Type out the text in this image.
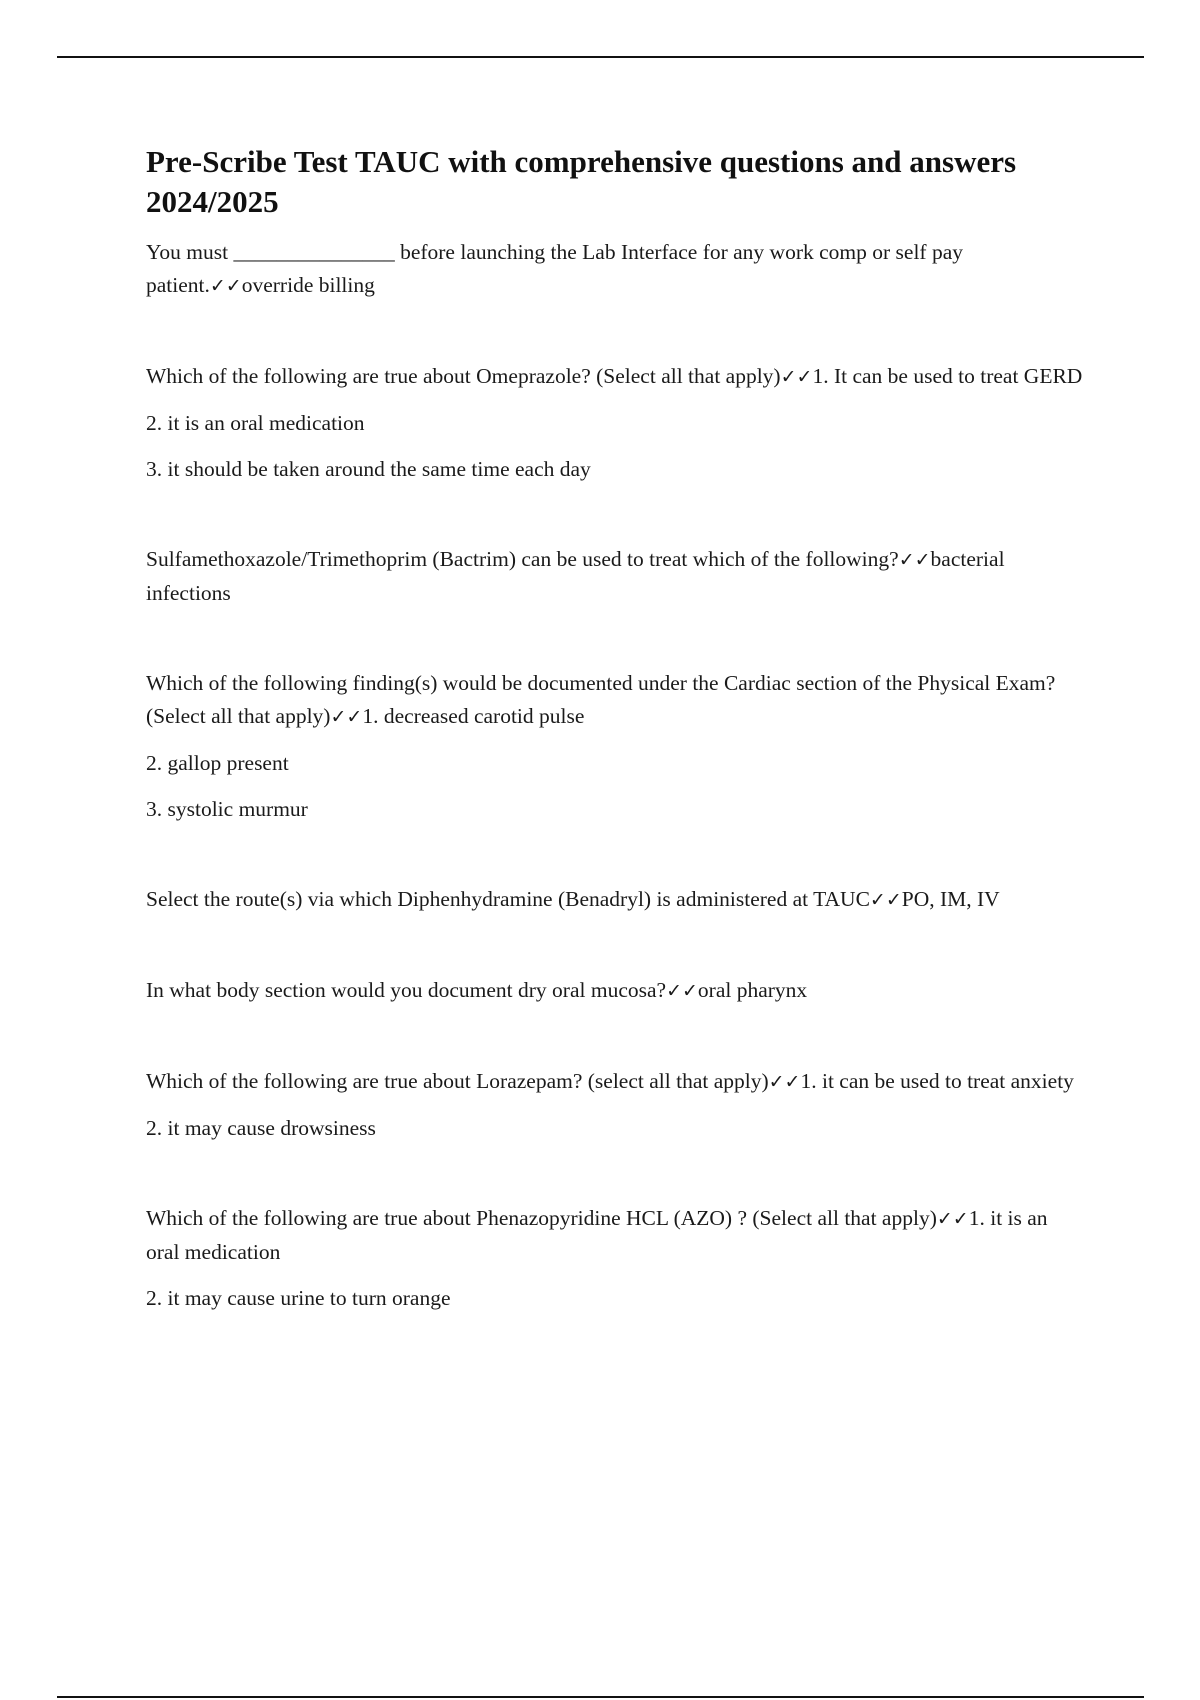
Pre-Scribe Test TAUC with comprehensive questions and answers 2024/2025

You must _______________ before launching the Lab Interface for any work comp or self pay patient.✓✓override billing

Which of the following are true about Omeprazole? (Select all that apply)✓✓1. It can be used to treat GERD

2. it is an oral medication

3. it should be taken around the same time each day

Sulfamethoxazole/Trimethoprim (Bactrim) can be used to treat which of the following?✓✓bacterial infections

Which of the following finding(s) would be documented under the Cardiac section of the Physical Exam? (Select all that apply)✓✓1. decreased carotid pulse

2. gallop present

3. systolic murmur

Select the route(s) via which Diphenhydramine (Benadryl) is administered at TAUC✓✓PO, IM, IV

In what body section would you document dry oral mucosa?✓✓oral pharynx

Which of the following are true about Lorazepam? (select all that apply)✓✓1. it can be used to treat anxiety

2. it may cause drowsiness

Which of the following are true about Phenazopyridine HCL (AZO) ? (Select all that apply)✓✓1. it is an oral medication

2. it may cause urine to turn orange
